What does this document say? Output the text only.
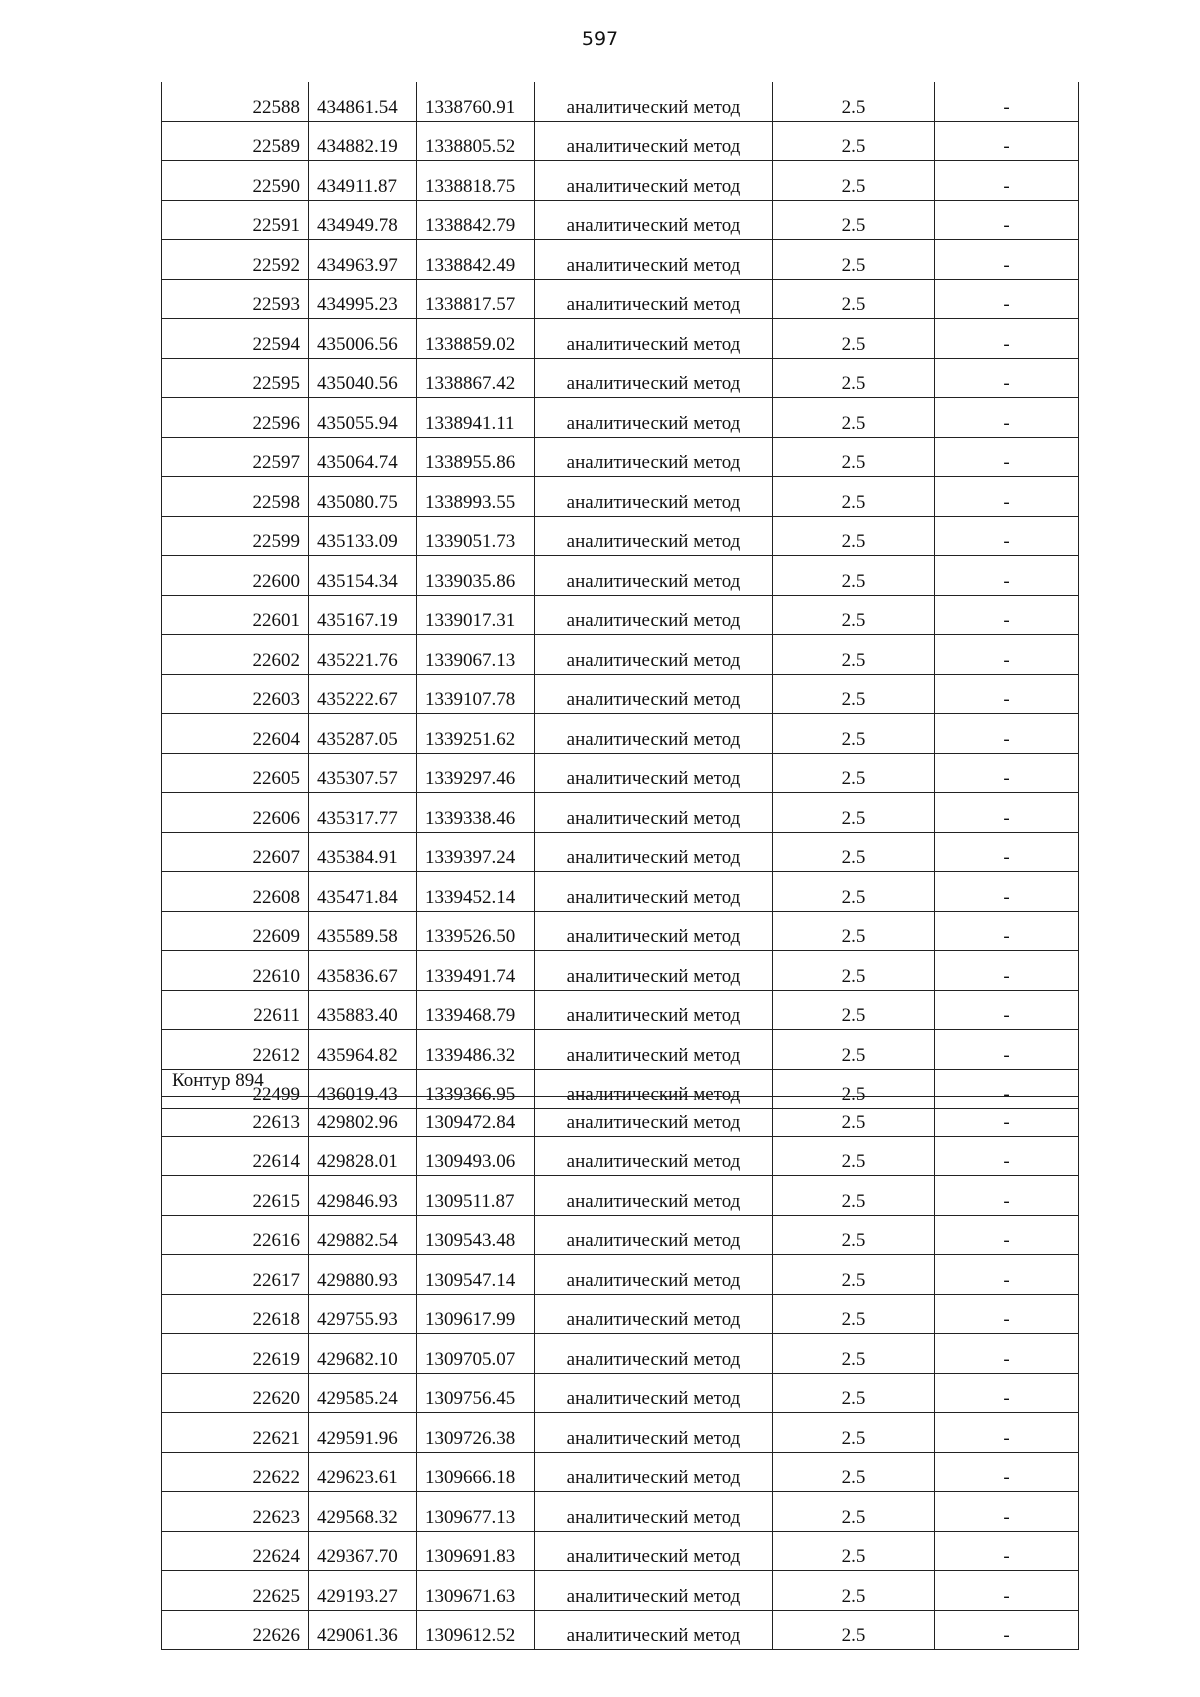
597
22588	434861.54	1338760.91	аналитический метод	2.5	-
22589	434882.19	1338805.52	аналитический метод	2.5	-
22590	434911.87	1338818.75	аналитический метод	2.5	-
22591	434949.78	1338842.79	аналитический метод	2.5	-
22592	434963.97	1338842.49	аналитический метод	2.5	-
22593	434995.23	1338817.57	аналитический метод	2.5	-
22594	435006.56	1338859.02	аналитический метод	2.5	-
22595	435040.56	1338867.42	аналитический метод	2.5	-
22596	435055.94	1338941.11	аналитический метод	2.5	-
22597	435064.74	1338955.86	аналитический метод	2.5	-
22598	435080.75	1338993.55	аналитический метод	2.5	-
22599	435133.09	1339051.73	аналитический метод	2.5	-
22600	435154.34	1339035.86	аналитический метод	2.5	-
22601	435167.19	1339017.31	аналитический метод	2.5	-
22602	435221.76	1339067.13	аналитический метод	2.5	-
22603	435222.67	1339107.78	аналитический метод	2.5	-
22604	435287.05	1339251.62	аналитический метод	2.5	-
22605	435307.57	1339297.46	аналитический метод	2.5	-
22606	435317.77	1339338.46	аналитический метод	2.5	-
22607	435384.91	1339397.24	аналитический метод	2.5	-
22608	435471.84	1339452.14	аналитический метод	2.5	-
22609	435589.58	1339526.50	аналитический метод	2.5	-
22610	435836.67	1339491.74	аналитический метод	2.5	-
22611	435883.40	1339468.79	аналитический метод	2.5	-
22612	435964.82	1339486.32	аналитический метод	2.5	-
22499	436019.43	1339366.95	аналитический метод	2.5	-
Контур 894
22613	429802.96	1309472.84	аналитический метод	2.5	-
22614	429828.01	1309493.06	аналитический метод	2.5	-
22615	429846.93	1309511.87	аналитический метод	2.5	-
22616	429882.54	1309543.48	аналитический метод	2.5	-
22617	429880.93	1309547.14	аналитический метод	2.5	-
22618	429755.93	1309617.99	аналитический метод	2.5	-
22619	429682.10	1309705.07	аналитический метод	2.5	-
22620	429585.24	1309756.45	аналитический метод	2.5	-
22621	429591.96	1309726.38	аналитический метод	2.5	-
22622	429623.61	1309666.18	аналитический метод	2.5	-
22623	429568.32	1309677.13	аналитический метод	2.5	-
22624	429367.70	1309691.83	аналитический метод	2.5	-
22625	429193.27	1309671.63	аналитический метод	2.5	-
22626	429061.36	1309612.52	аналитический метод	2.5	-
